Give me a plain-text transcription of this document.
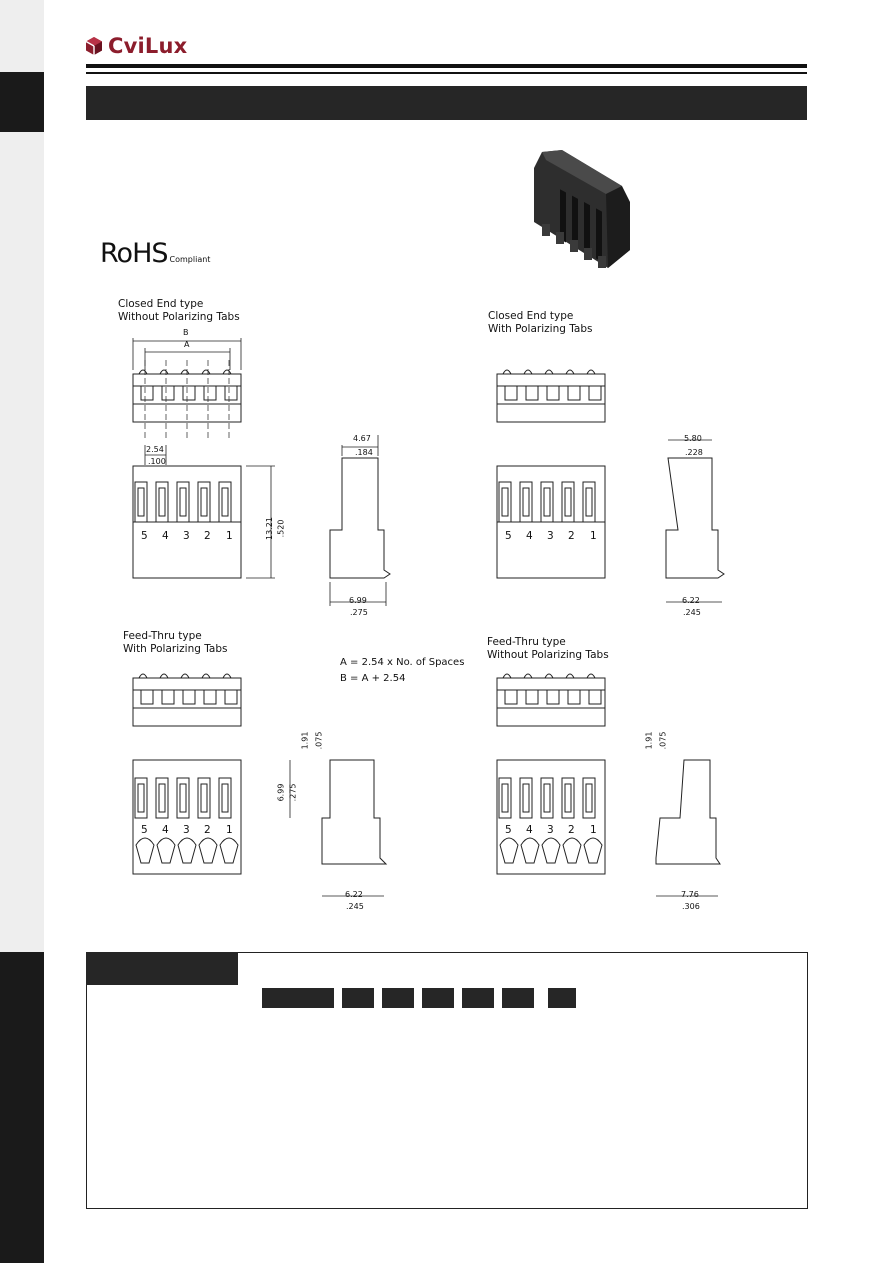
CviLux
RoHS Compliant
Closed End type
Without Polarizing Tabs
B
A
2.54
.100
13.21 .520
4.67
.184
6.99
.275
Closed End type
With Polarizing Tabs
5.80
.228
6.22
.245
Feed-Thru type
With Polarizing Tabs
1.91 .075
6.99 .275
6.22
.245
Feed-Thru type
Without Polarizing Tabs
1.91 .075
7.76
.306
5 4 3 2 1	5 4 3 2 1
5 4 3 2 1	5 4 3 2 1
A = 2.54 x No. of Spaces
B = A + 2.54
